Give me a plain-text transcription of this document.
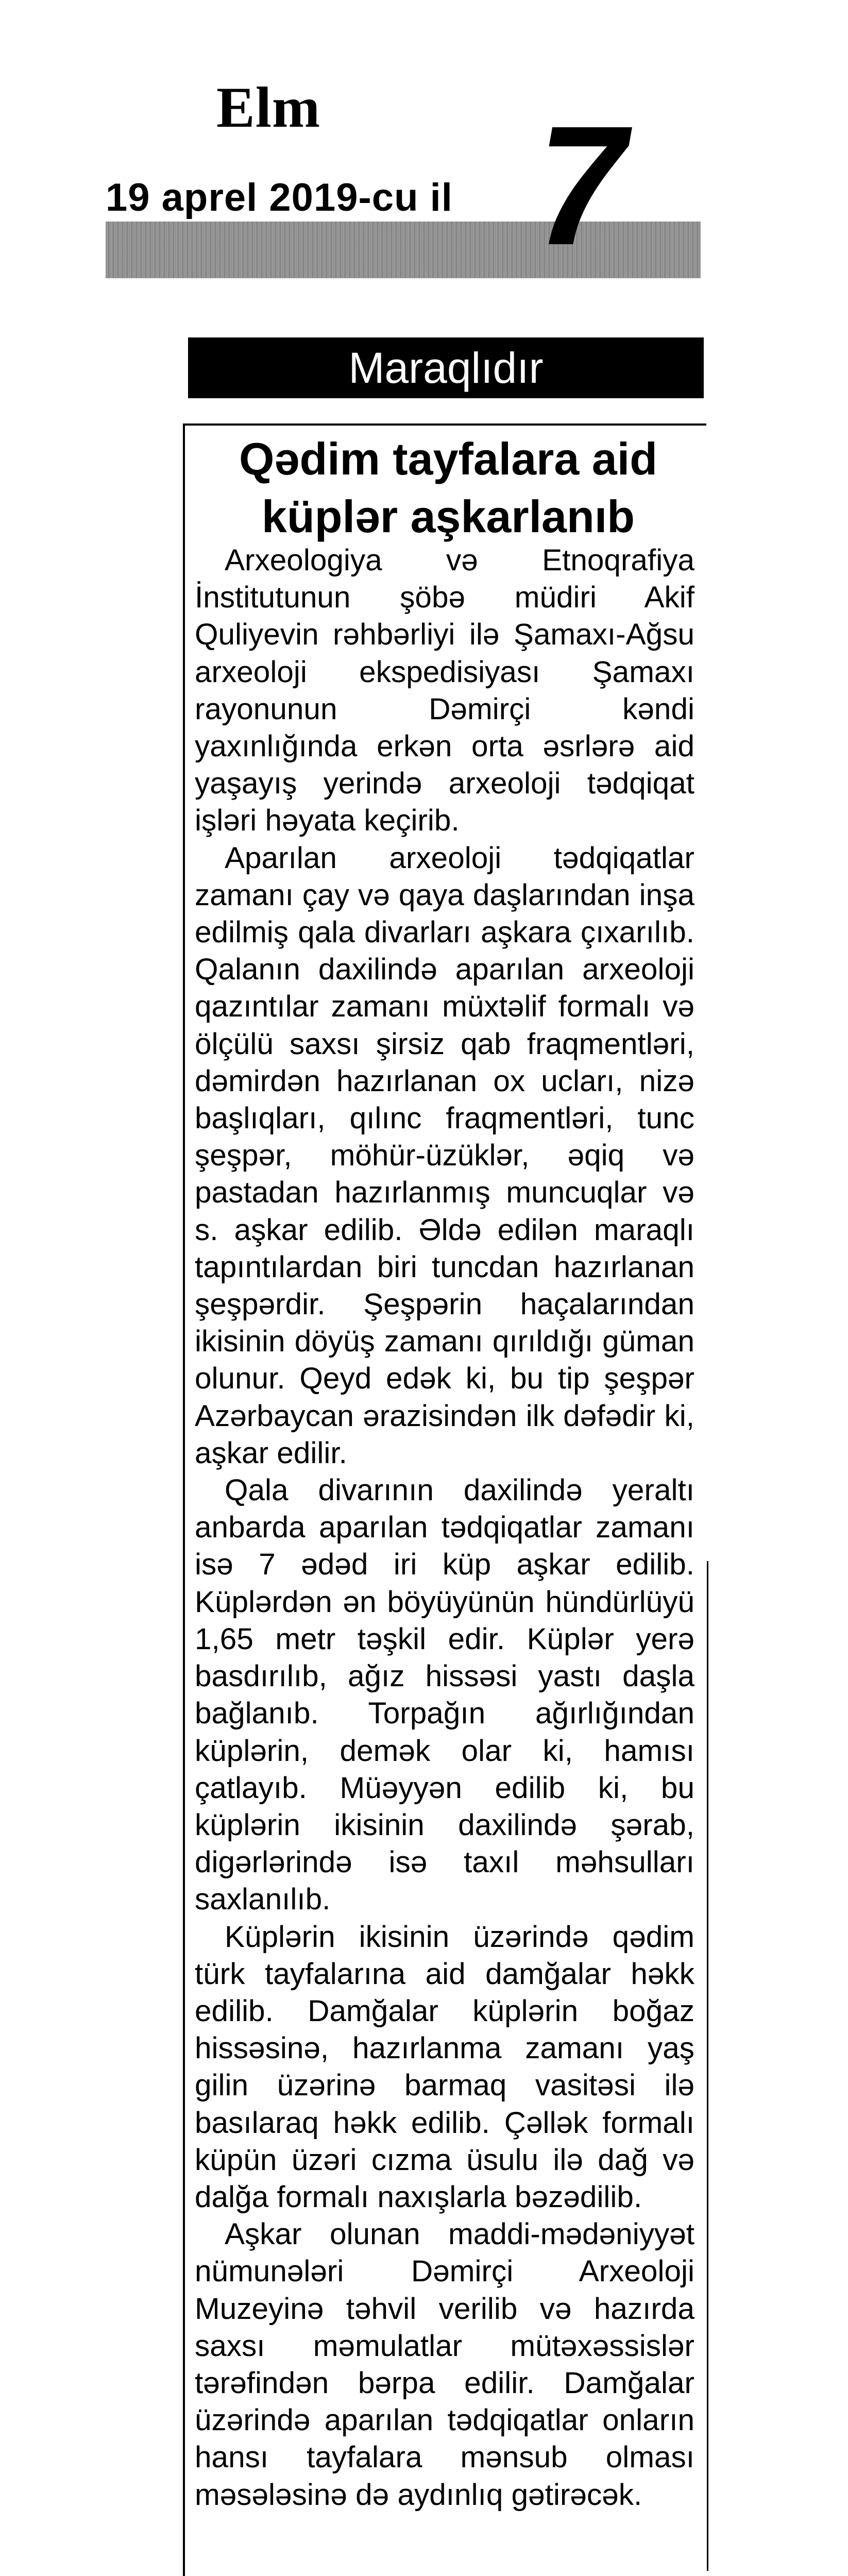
Elm
19 aprel 2019-cu il 7
Maraqlıdır
Qədim tayfalara aid
küplər aşkarlanıb

Arxeologiya və Etnoqrafiya İnstitutunun şöbə müdiri Akif Quliyevin rəhbərliyi ilə Şamaxı-Ağsu arxeoloji ekspedisiyası Şamaxı rayonunun Dəmirçi kəndi yaxınlığında erkən orta əsrlərə aid yaşayış yerində arxeoloji tədqiqat işləri həyata keçirib.

Aparılan arxeoloji tədqiqatlar zamanı çay və qaya daşlarından inşa edilmiş qala divarları aşkara çıxarılıb. Qalanın daxilində aparılan arxeoloji qazıntılar zamanı müxtəlif formalı və ölçülü saxsı şirsiz qab fraqmentləri, dəmirdən hazırlanan ox ucları, nizə başlıqları, qılınc fraqmentləri, tunc şeşpər, möhür-üzüklər, əqiq və pastadan hazırlanmış muncuqlar və s. aşkar edilib. Əldə edilən maraqlı tapıntılardan biri tuncdan hazırlanan şeşpərdir. Şeşpərin haçalarından ikisinin döyüş zamanı qırıldığı güman olunur. Qeyd edək ki, bu tip şeşpər Azərbaycan ərazisindən ilk dəfədir ki, aşkar edilir.

Qala divarının daxilində yeraltı anbarda aparılan tədqiqatlar zamanı isə 7 ədəd iri küp aşkar edilib. Küplərdən ən böyüyünün hündürlüyü 1,65 metr təşkil edir. Küplər yerə basdırılıb, ağız hissəsi yastı daşla bağlanıb. Torpağın ağırlığından küplərin, demək olar ki, hamısı çatlayıb. Müəyyən edilib ki, bu küplərin ikisinin daxilində şərab, digərlərində isə taxıl məhsulları saxlanılıb.

Küplərin ikisinin üzərində qədim türk tayfalarına aid damğalar həkk edilib. Damğalar küplərin boğaz hissəsinə, hazırlanma zamanı yaş gilin üzərinə barmaq vasitəsi ilə basılaraq həkk edilib. Çəllək formalı küpün üzəri cızma üsulu ilə dağ və dalğa formalı naxışlarla bəzədilib.

Aşkar olunan maddi-mədəniyyət nümunələri Dəmirçi Arxeoloji Muzeyinə təhvil verilib və hazırda saxsı məmulatlar mütəxəssislər tərəfindən bərpa edilir. Damğalar üzərində aparılan tədqiqatlar onların hansı tayfalara mənsub olması məsələsinə də aydınlıq gətirəcək.
